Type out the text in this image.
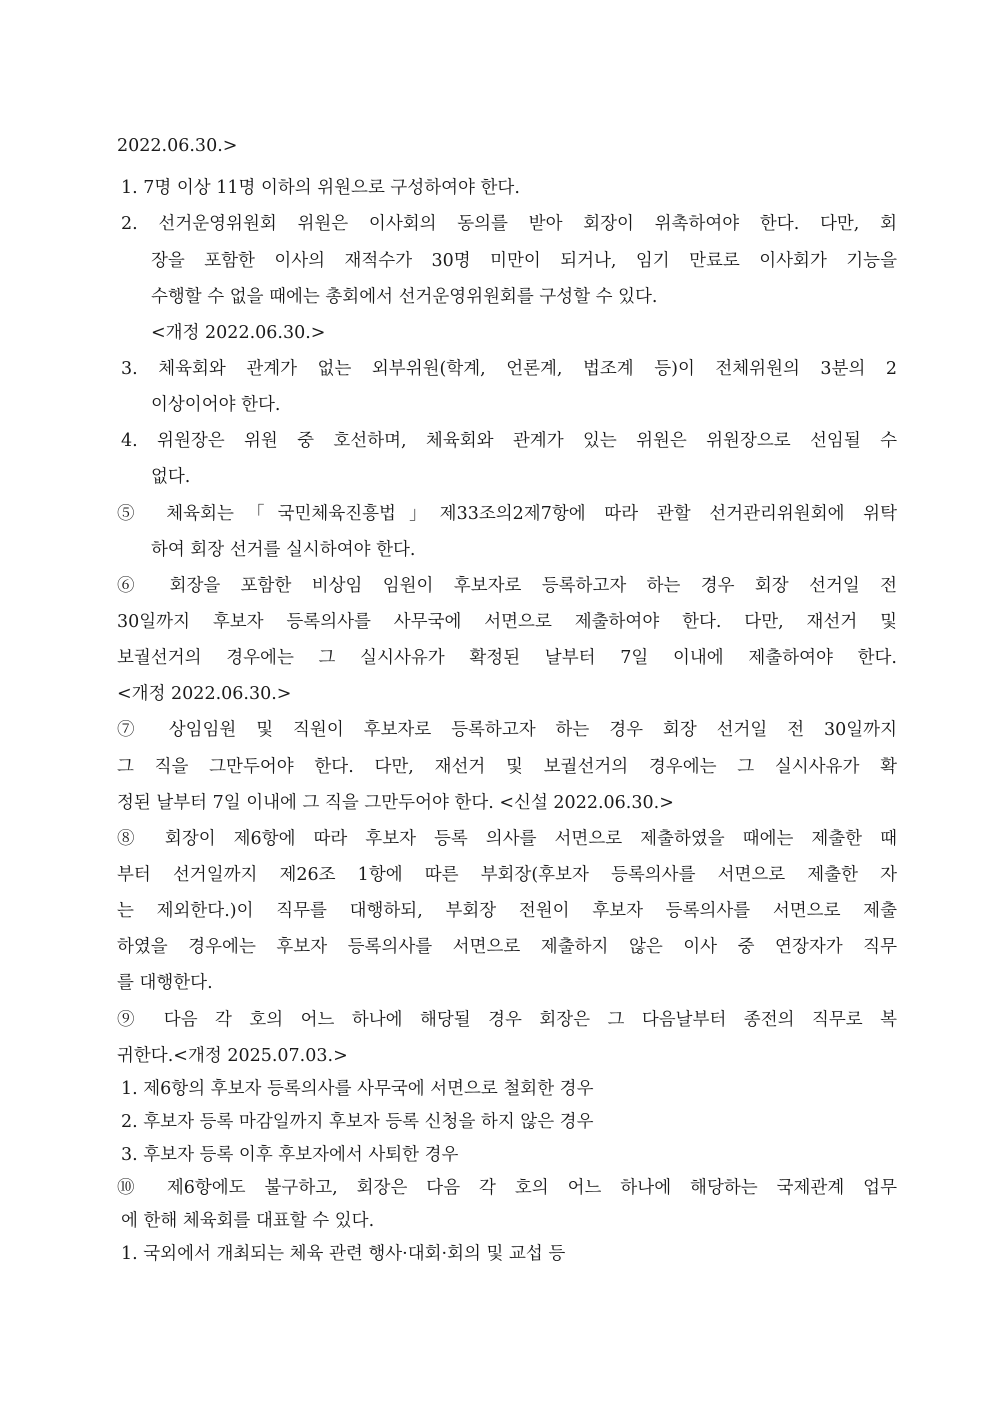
2022.06.30.>
1. 7명 이상 11명 이하의 위원으로 구성하여야 한다.
2. 선거운영위원회 위원은 이사회의 동의를 받아 회장이 위촉하여야 한다. 다만, 회
장을 포함한 이사의 재적수가 30명 미만이 되거나, 임기 만료로 이사회가 기능을
수행할 수 없을 때에는 총회에서 선거운영위원회를 구성할 수 있다.
<개정 2022.06.30.>
3. 체육회와 관계가 없는 외부위원(학계, 언론계, 법조계 등)이 전체위원의 3분의 2
이상이어야 한다.
4. 위원장은 위원 중 호선하며, 체육회와 관계가 있는 위원은 위원장으로 선임될 수
없다.
⑤ 체육회는「국민체육진흥법」제33조의2제7항에 따라 관할 선거관리위원회에 위탁
하여 회장 선거를 실시하여야 한다.
⑥ 회장을 포함한 비상임 임원이 후보자로 등록하고자 하는 경우 회장 선거일 전
30일까지 후보자 등록의사를 사무국에 서면으로 제출하여야 한다. 다만, 재선거 및
보궐선거의 경우에는 그 실시사유가 확정된 날부터 7일 이내에 제출하여야 한다.
<개정 2022.06.30.>
⑦ 상임임원 및 직원이 후보자로 등록하고자 하는 경우 회장 선거일 전 30일까지
그 직을 그만두어야 한다. 다만, 재선거 및 보궐선거의 경우에는 그 실시사유가 확
정된 날부터 7일 이내에 그 직을 그만두어야 한다. <신설 2022.06.30.>
⑧ 회장이 제6항에 따라 후보자 등록 의사를 서면으로 제출하였을 때에는 제출한 때
부터 선거일까지 제26조 1항에 따른 부회장(후보자 등록의사를 서면으로 제출한 자
는 제외한다.)이 직무를 대행하되, 부회장 전원이 후보자 등록의사를 서면으로 제출
하였을 경우에는 후보자 등록의사를 서면으로 제출하지 않은 이사 중 연장자가 직무
를 대행한다.
⑨ 다음 각 호의 어느 하나에 해당될 경우 회장은 그 다음날부터 종전의 직무로 복
귀한다.<개정 2025.07.03.>
1. 제6항의 후보자 등록의사를 사무국에 서면으로 철회한 경우
2. 후보자 등록 마감일까지 후보자 등록 신청을 하지 않은 경우
3. 후보자 등록 이후 후보자에서 사퇴한 경우
⑩ 제6항에도 불구하고, 회장은 다음 각 호의 어느 하나에 해당하는 국제관계 업무
에 한해 체육회를 대표할 수 있다.
1. 국외에서 개최되는 체육 관련 행사·대회·회의 및 교섭 등
